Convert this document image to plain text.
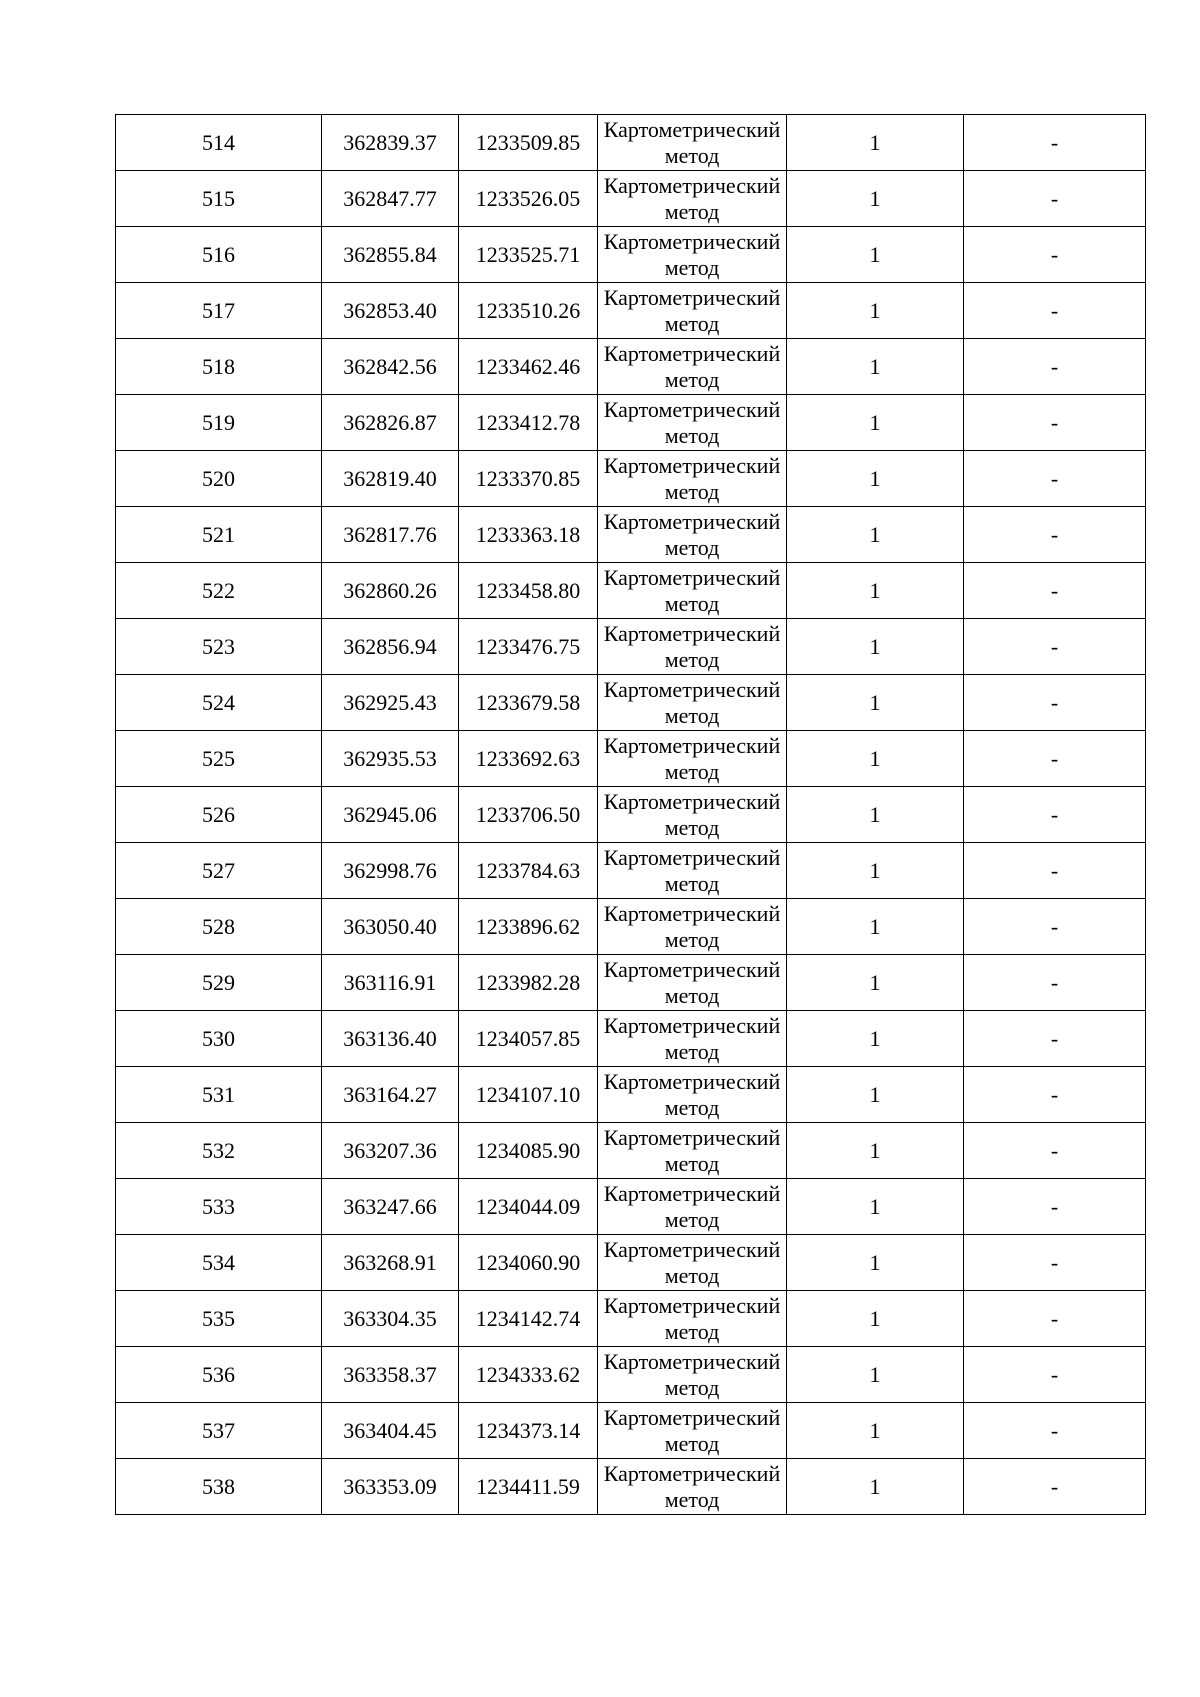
514	362839.37	1233509.85	Картометрический метод	1	-
515	362847.77	1233526.05	Картометрический метод	1	-
516	362855.84	1233525.71	Картометрический метод	1	-
517	362853.40	1233510.26	Картометрический метод	1	-
518	362842.56	1233462.46	Картометрический метод	1	-
519	362826.87	1233412.78	Картометрический метод	1	-
520	362819.40	1233370.85	Картометрический метод	1	-
521	362817.76	1233363.18	Картометрический метод	1	-
522	362860.26	1233458.80	Картометрический метод	1	-
523	362856.94	1233476.75	Картометрический метод	1	-
524	362925.43	1233679.58	Картометрический метод	1	-
525	362935.53	1233692.63	Картометрический метод	1	-
526	362945.06	1233706.50	Картометрический метод	1	-
527	362998.76	1233784.63	Картометрический метод	1	-
528	363050.40	1233896.62	Картометрический метод	1	-
529	363116.91	1233982.28	Картометрический метод	1	-
530	363136.40	1234057.85	Картометрический метод	1	-
531	363164.27	1234107.10	Картометрический метод	1	-
532	363207.36	1234085.90	Картометрический метод	1	-
533	363247.66	1234044.09	Картометрический метод	1	-
534	363268.91	1234060.90	Картометрический метод	1	-
535	363304.35	1234142.74	Картометрический метод	1	-
536	363358.37	1234333.62	Картометрический метод	1	-
537	363404.45	1234373.14	Картометрический метод	1	-
538	363353.09	1234411.59	Картометрический метод	1	-
